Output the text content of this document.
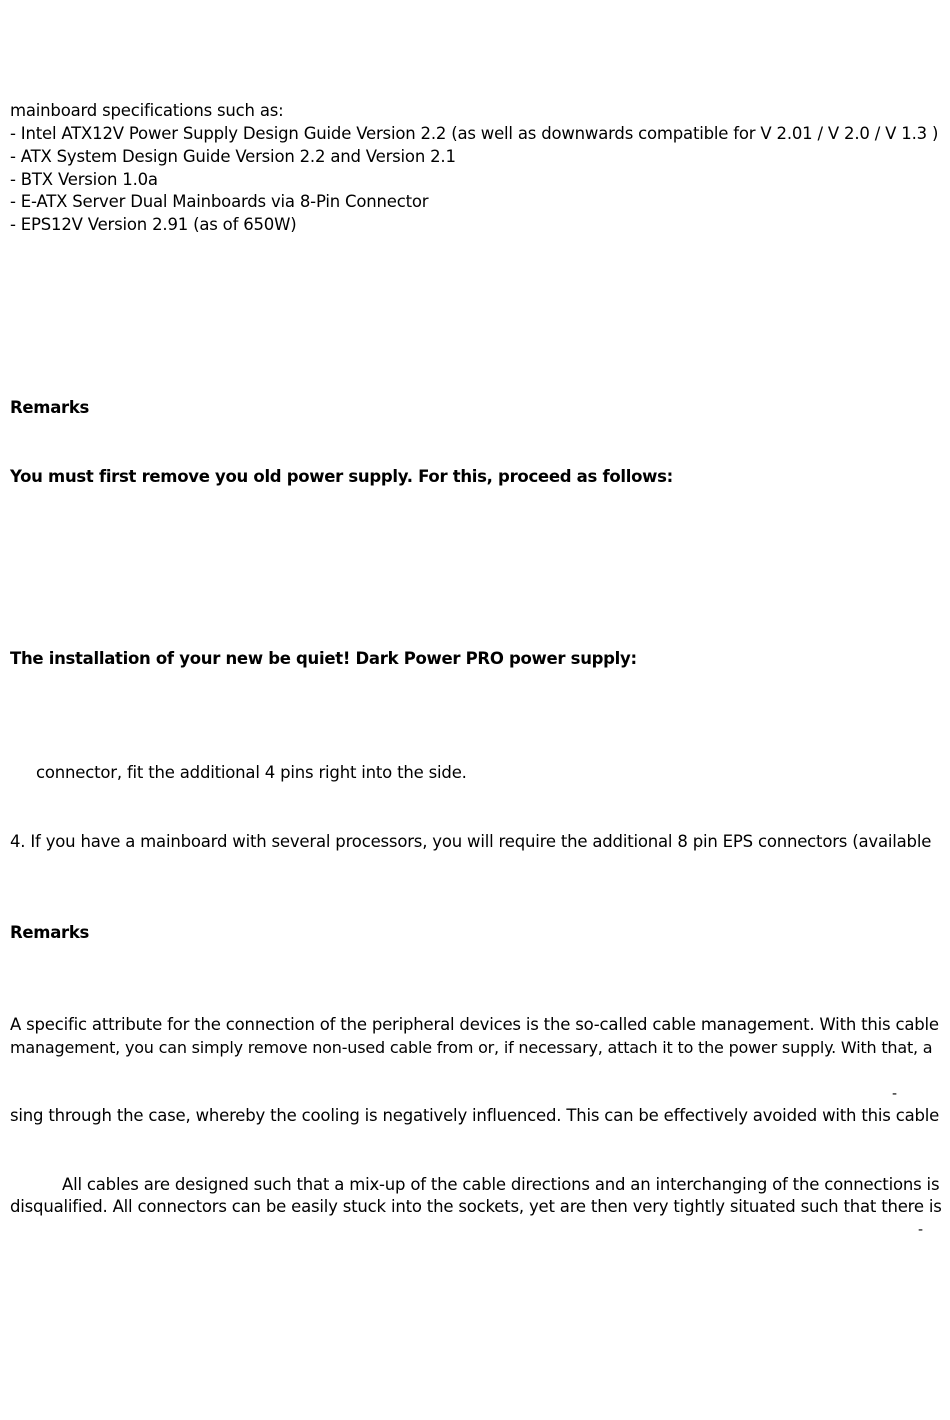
mainboard specifications such as:
- Intel ATX12V Power Supply Design Guide Version 2.2 (as well as downwards compatible for V 2.01 / V 2.0 / V 1.3 )
- ATX System Design Guide Version 2.2 and Version 2.1
- BTX Version 1.0a
- E-ATX Server Dual Mainboards via 8-Pin Connector
- EPS12V Version 2.91 (as of 650W)
Remarks
You must first remove you old power supply. For this, proceed as follows:
The installation of your new be quiet! Dark Power PRO power supply:
connector, fit the additional 4 pins right into the side.
4. If you have a mainboard with several processors, you will require the additional 8 pin EPS connectors (available
Remarks
A specific attribute for the connection of the peripheral devices is the so-called cable management. With this cable
management, you can simply remove non-used cable from or, if necessary, attach it to the power supply. With that, a
-
sing through the case, whereby the cooling is negatively influenced. This can be effectively avoided with this cable
All cables are designed such that a mix-up of the cable directions and an interchanging of the connections is
disqualified. All connectors can be easily stuck into the sockets, yet are then very tightly situated such that there is
-
